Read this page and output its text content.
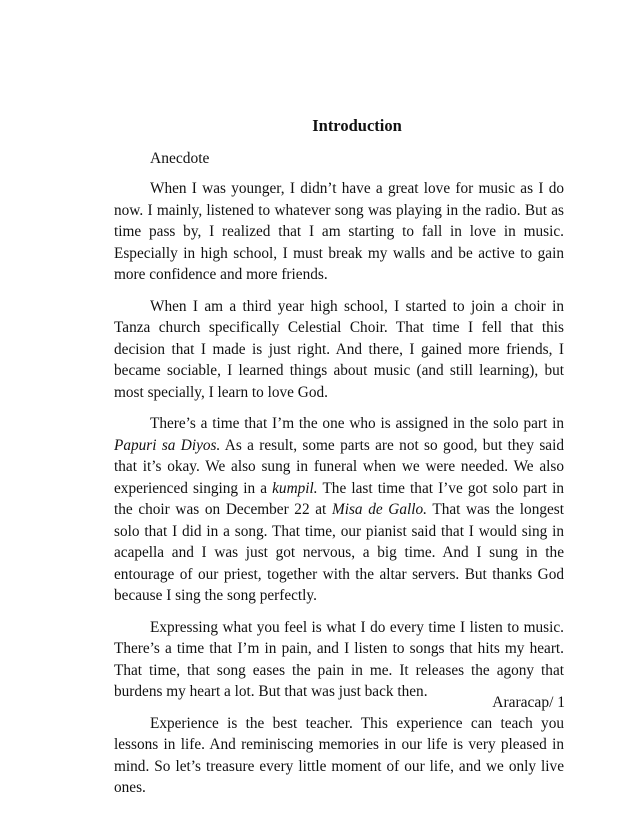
Introduction
Anecdote

When I was younger, I didn’t have a great love for music as I do now. I mainly, listened to whatever song was playing in the radio. But as time pass by, I realized that I am starting to fall in love in music. Especially in high school, I must break my walls and be active to gain more confidence and more friends.

When I am a third year high school, I started to join a choir in Tanza church specifically Celestial Choir. That time I fell that this decision that I made is just right. And there, I gained more friends, I became sociable, I learned things about music (and still learning), but most specially, I learn to love God.

There’s a time that I’m the one who is assigned in the solo part in Papuri sa Diyos. As a result, some parts are not so good, but they said that it’s okay. We also sung in funeral when we were needed. We also experienced singing in a kumpil. The last time that I’ve got solo part in the choir was on December 22 at Misa de Gallo. That was the longest solo that I did in a song. That time, our pianist said that I would sing in acapella and I was just got nervous, a big time. And I sung in the entourage of our priest, together with the altar servers. But thanks God because I sing the song perfectly.

Expressing what you feel is what I do every time I listen to music. There’s a time that I’m in pain, and I listen to songs that hits my heart. That time, that song eases the pain in me. It releases the agony that burdens my heart a lot. But that was just back then.

Experience is the best teacher. This experience can teach you lessons in life. And reminiscing memories in our life is very pleased in mind. So let’s treasure every little moment of our life, and we only live ones.

Araracap/ 1
